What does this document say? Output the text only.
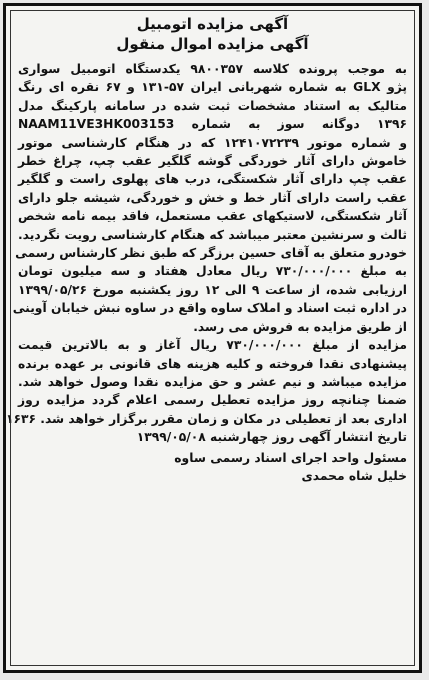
آگهی مزایده اتومبیل
آگهی مزایده اموال منقول
به موجب پرونده کلاسه ۹۸۰۰۳۵۷ یکدستگاه اتومبیل سواری
پژو GLX به شماره شهربانی ایران ۵۷-۱۳۱ و ۶۷ نقره ای رنگ
متالیک به استناد مشخصات ثبت شده در سامانه پارکینگ مدل
۱۳۹۶ دوگانه سوز به شماره NAAM11VE3HK003153
و شماره موتور ۱۲۴۱۰۷۲۲۳۹ که در هنگام کارشناسی موتور
خاموش دارای آثار خوردگی گوشه گلگیر عقب چپ، چراغ خطر
عقب چپ دارای آثار شکستگی، درب های پهلوی راست و گلگیر
عقب راست دارای آثار خط و خش و خوردگی، شیشه جلو دارای
آثار شکستگی، لاستیکهای عقب مستعمل، فاقد بیمه نامه شخص
ثالث و سرنشین معتبر میباشد که هنگام کارشناسی رویت نگردید.
خودرو متعلق به آقای حسین برزگر که طبق نظر کارشناس رسمی
به مبلغ ۷۳۰/۰۰۰/۰۰۰ ریال معادل هفتاد و سه میلیون تومان
ارزیابی شده، از ساعت ۹ الی ۱۲ روز یکشنبه مورخ ۱۳۹۹/۰۵/۲۶
در اداره ثبت اسناد و املاک ساوه واقع در ساوه نبش خیابان آوینی
از طریق مزایده به فروش می رسد.
مزایده از مبلغ ۷۳۰/۰۰۰/۰۰۰ ریال آغاز و به بالاترین قیمت
پیشنهادی نقدا فروخته و کلیه هزینه های قانونی بر عهده برنده
مزایده میباشد و نیم عشر و حق مزایده نقدا وصول خواهد شد.
ضمنا چنانچه روز مزایده تعطیل رسمی اعلام گردد مزایده روز
اداری بعد از تعطیلی در مکان و زمان مقرر برگزار خواهد شد. ۱۶۳۶
تاریخ انتشار آگهی روز چهارشنبه ۱۳۹۹/۰۵/۰۸
مسئول واحد اجرای اسناد رسمی ساوه
خلیل شاه محمدی
